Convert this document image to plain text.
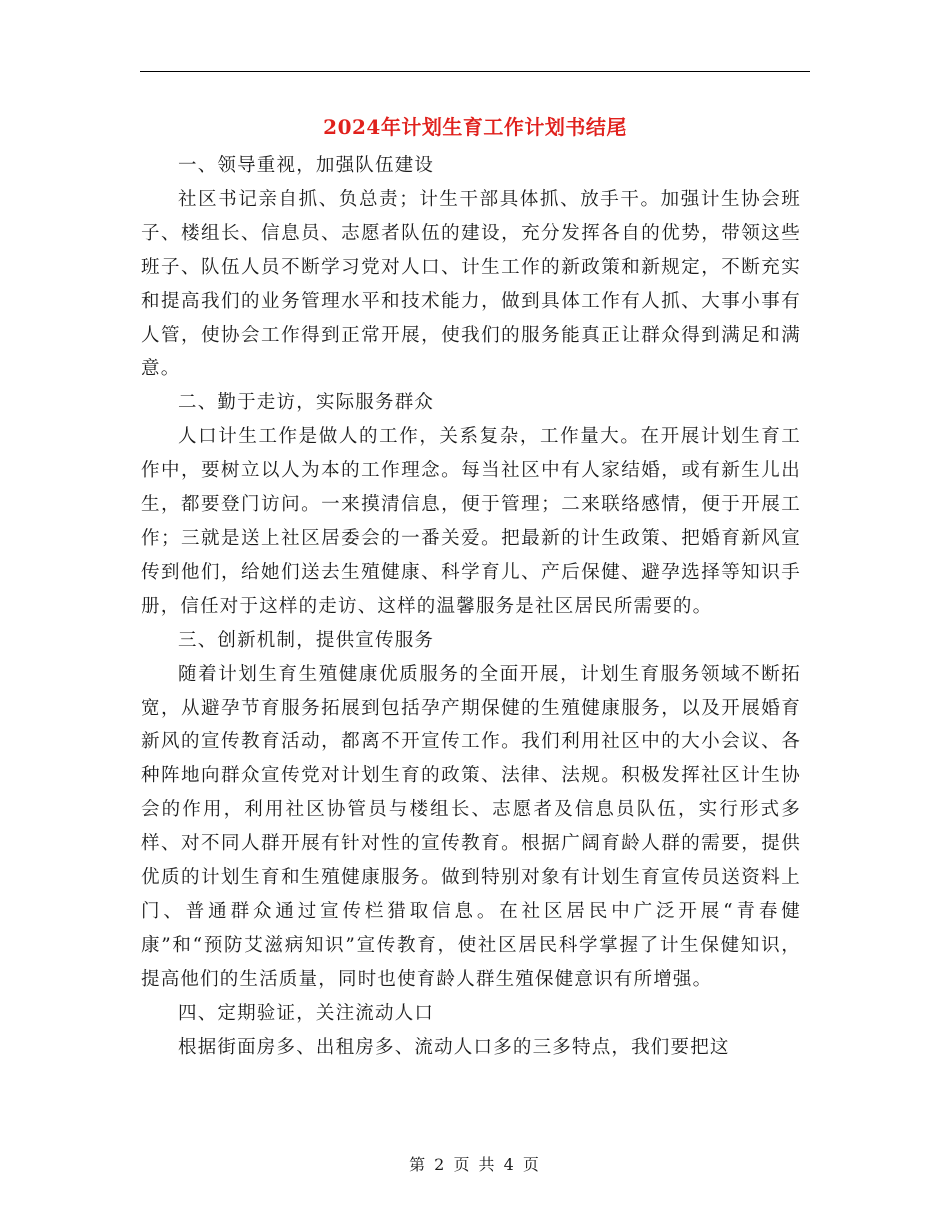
2024年计划生育工作计划书结尾

一、领导重视，加强队伍建设

社区书记亲自抓、负总责；计生干部具体抓、放手干。加强计生协会班子、楼组长、信息员、志愿者队伍的建设，充分发挥各自的优势，带领这些班子、队伍人员不断学习党对人口、计生工作的新政策和新规定，不断充实和提高我们的业务管理水平和技术能力，做到具体工作有人抓、大事小事有人管，使协会工作得到正常开展，使我们的服务能真正让群众得到满足和满意。

二、勤于走访，实际服务群众

人口计生工作是做人的工作，关系复杂，工作量大。在开展计划生育工作中，要树立以人为本的工作理念。每当社区中有人家结婚，或有新生儿出生，都要登门访问。一来摸清信息，便于管理；二来联络感情，便于开展工作；三就是送上社区居委会的一番关爱。把最新的计生政策、把婚育新风宣传到他们，给她们送去生殖健康、科学育儿、产后保健、避孕选择等知识手册，信任对于这样的走访、这样的温馨服务是社区居民所需要的。

三、创新机制，提供宣传服务

随着计划生育生殖健康优质服务的全面开展，计划生育服务领域不断拓宽，从避孕节育服务拓展到包括孕产期保健的生殖健康服务，以及开展婚育新风的宣传教育活动，都离不开宣传工作。我们利用社区中的大小会议、各种阵地向群众宣传党对计划生育的政策、法律、法规。积极发挥社区计生协会的作用，利用社区协管员与楼组长、志愿者及信息员队伍，实行形式多样、对不同人群开展有针对性的宣传教育。根据广阔育龄人群的需要，提供优质的计划生育和生殖健康服务。做到特别对象有计划生育宣传员送资料上门、普通群众通过宣传栏猎取信息。在社区居民中广泛开展“青春健康”和“预防艾滋病知识”宣传教育，使社区居民科学掌握了计生保健知识，提高他们的生活质量，同时也使育龄人群生殖保健意识有所增强。

四、定期验证，关注流动人口

根据街面房多、出租房多、流动人口多的三多特点，我们要把这

第 2 页 共 4 页
